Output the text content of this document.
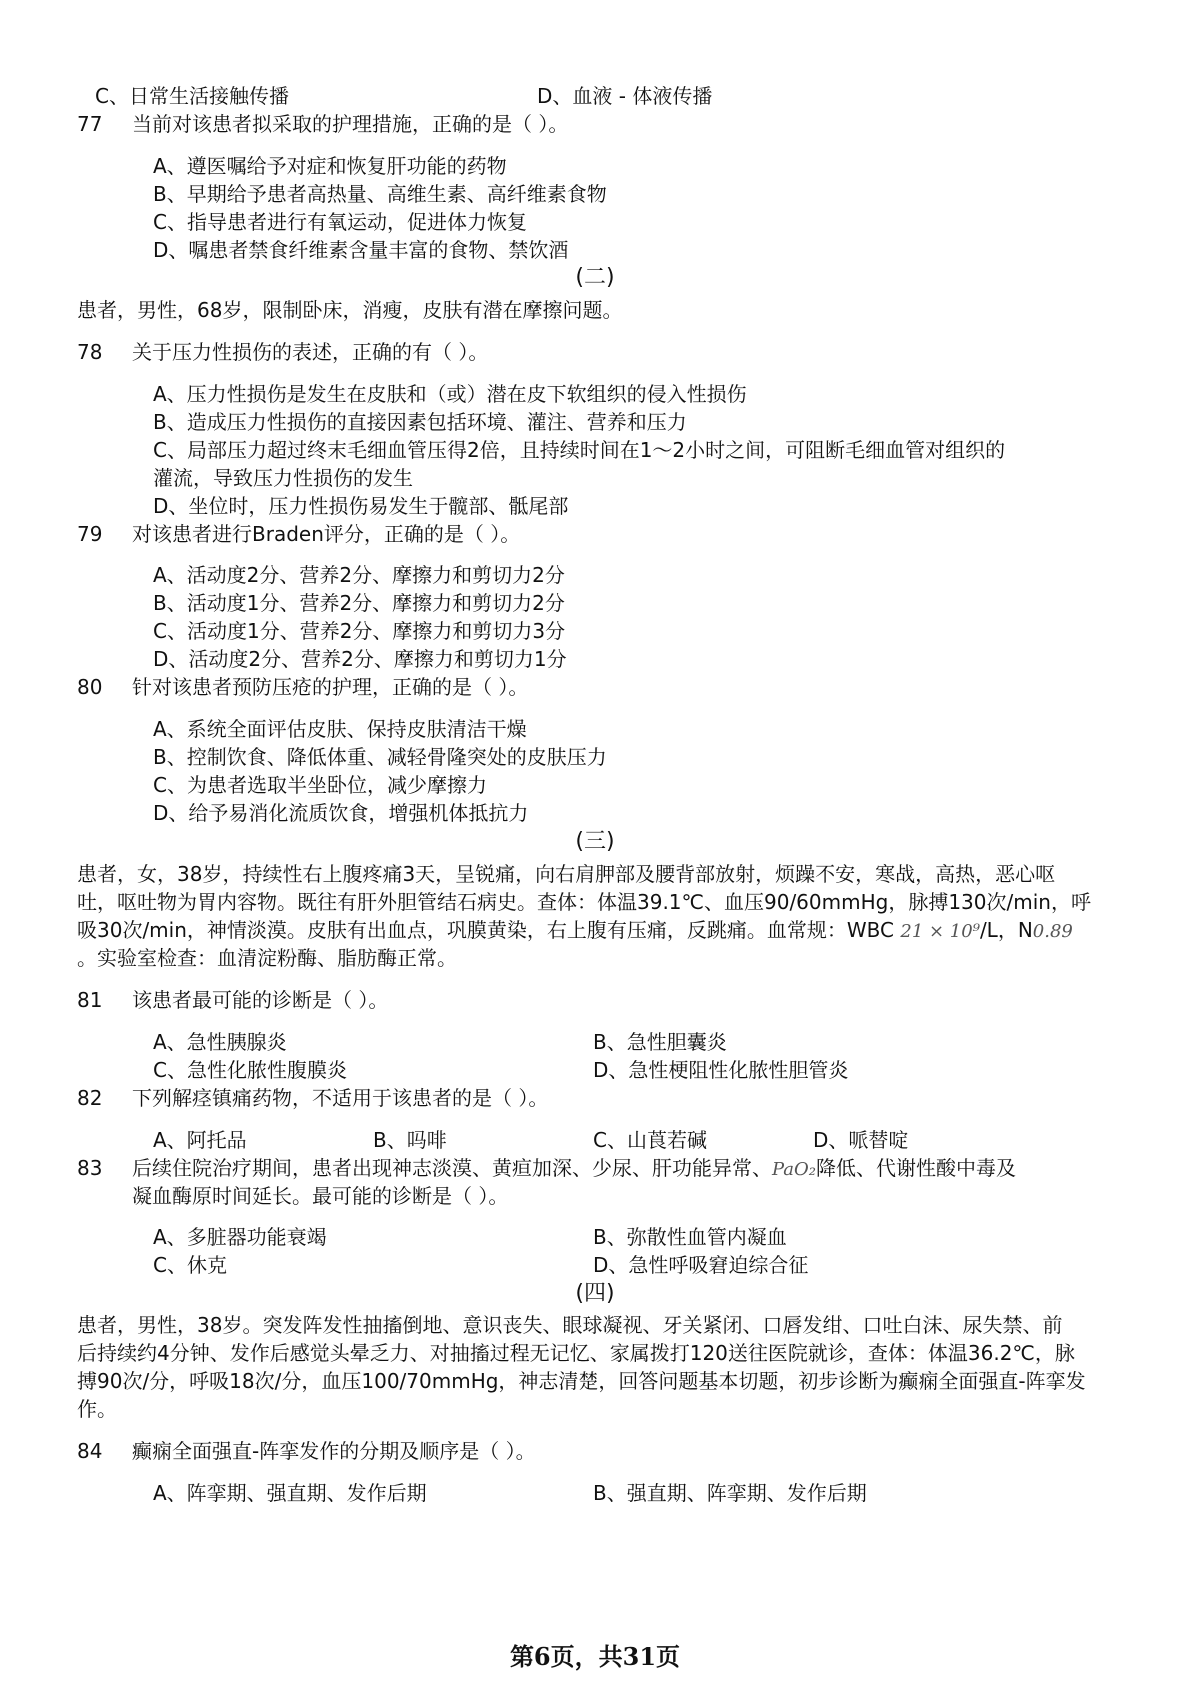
C、日常生活接触传播	D、血液 - 体液传播
77 当前对该患者拟采取的护理措施，正确的是（ ）。
A、遵医嘱给予对症和恢复肝功能的药物
B、早期给予患者高热量、高维生素、高纤维素食物
C、指导患者进行有氧运动，促进体力恢复
D、嘱患者禁食纤维素含量丰富的食物、禁饮酒
(二)
患者，男性，68岁，限制卧床，消瘦，皮肤有潜在摩擦问题。
78 关于压力性损伤的表述，正确的有（ ）。
A、压力性损伤是发生在皮肤和（或）潜在皮下软组织的侵入性损伤
B、造成压力性损伤的直接因素包括环境、灌注、营养和压力
C、局部压力超过终末毛细血管压得2倍，且持续时间在1～2小时之间，可阻断毛细血管对组织的
灌流，导致压力性损伤的发生
D、坐位时，压力性损伤易发生于髋部、骶尾部
79 对该患者进行Braden评分，正确的是（ ）。
A、活动度2分、营养2分、摩擦力和剪切力2分
B、活动度1分、营养2分、摩擦力和剪切力2分
C、活动度1分、营养2分、摩擦力和剪切力3分
D、活动度2分、营养2分、摩擦力和剪切力1分
80 针对该患者预防压疮的护理，正确的是（ ）。
A、系统全面评估皮肤、保持皮肤清洁干燥
B、控制饮食、降低体重、减轻骨隆突处的皮肤压力
C、为患者选取半坐卧位，减少摩擦力
D、给予易消化流质饮食，增强机体抵抗力
(三)
患者，女，38岁，持续性右上腹疼痛3天，呈锐痛，向右肩胛部及腰背部放射，烦躁不安，寒战，高热，恶心呕
吐，呕吐物为胃内容物。既往有肝外胆管结石病史。查体：体温39.1℃、血压90/60mmHg，脉搏130次/min，呼
吸30次/min，神情淡漠。皮肤有出血点，巩膜黄染，右上腹有压痛，反跳痛。血常规：WBC 21 × 10⁹/L，N0.89
。实验室检查：血清淀粉酶、脂肪酶正常。
81 该患者最可能的诊断是（ ）。
A、急性胰腺炎	B、急性胆囊炎
C、急性化脓性腹膜炎	D、急性梗阻性化脓性胆管炎
82 下列解痉镇痛药物，不适用于该患者的是（ ）。
A、阿托品	B、吗啡	C、山莨若碱	D、哌替啶
83 后续住院治疗期间，患者出现神志淡漠、黄疸加深、少尿、肝功能异常、PaO₂降低、代谢性酸中毒及
凝血酶原时间延长。最可能的诊断是（ ）。
A、多脏器功能衰竭	B、弥散性血管内凝血
C、休克	D、急性呼吸窘迫综合征
(四)
患者，男性，38岁。突发阵发性抽搐倒地、意识丧失、眼球凝视、牙关紧闭、口唇发绀、口吐白沫、尿失禁、前
后持续约4分钟、发作后感觉头晕乏力、对抽搐过程无记忆、家属拨打120送往医院就诊，查体：体温36.2℃，脉
搏90次/分，呼吸18次/分，血压100/70mmHg，神志清楚，回答问题基本切题，初步诊断为癫痫全面强直-阵挛发
作。
84 癫痫全面强直-阵挛发作的分期及顺序是（ ）。
A、阵挛期、强直期、发作后期	B、强直期、阵挛期、发作后期
第6页，共31页
